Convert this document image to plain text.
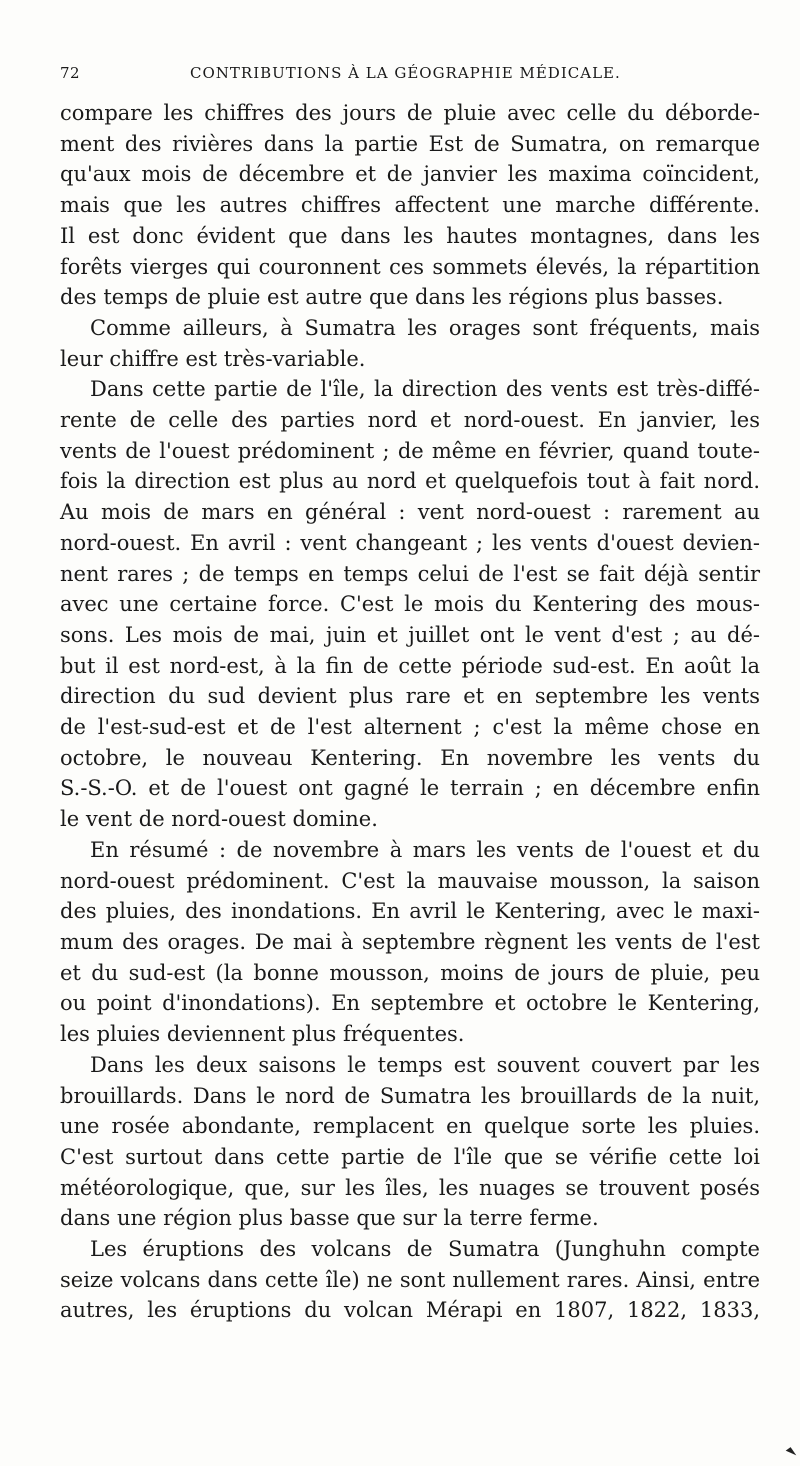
72	CONTRIBUTIONS À LA GÉOGRAPHIE MÉDICALE.
compare les chiffres des jours de pluie avec celle du déborde-
ment des rivières dans la partie Est de Sumatra, on remarque
qu'aux mois de décembre et de janvier les maxima coïncident,
mais que les autres chiffres affectent une marche différente.
Il est donc évident que dans les hautes montagnes, dans les
forêts vierges qui couronnent ces sommets élevés, la répartition
des temps de pluie est autre que dans les régions plus basses.
Comme ailleurs, à Sumatra les orages sont fréquents, mais
leur chiffre est très-variable.
Dans cette partie de l'île, la direction des vents est très-diffé-
rente de celle des parties nord et nord-ouest. En janvier, les
vents de l'ouest prédominent ; de même en février, quand toute-
fois la direction est plus au nord et quelquefois tout à fait nord.
Au mois de mars en général : vent nord-ouest : rarement au
nord-ouest. En avril : vent changeant ; les vents d'ouest devien-
nent rares ; de temps en temps celui de l'est se fait déjà sentir
avec une certaine force. C'est le mois du Kentering des mous-
sons. Les mois de mai, juin et juillet ont le vent d'est ; au dé-
but il est nord-est, à la fin de cette période sud-est. En août la
direction du sud devient plus rare et en septembre les vents
de l'est-sud-est et de l'est alternent ; c'est la même chose en
octobre, le nouveau Kentering. En novembre les vents du
S.-S.-O. et de l'ouest ont gagné le terrain ; en décembre enfin
le vent de nord-ouest domine.
En résumé : de novembre à mars les vents de l'ouest et du
nord-ouest prédominent. C'est la mauvaise mousson, la saison
des pluies, des inondations. En avril le Kentering, avec le maxi-
mum des orages. De mai à septembre règnent les vents de l'est
et du sud-est (la bonne mousson, moins de jours de pluie, peu
ou point d'inondations). En septembre et octobre le Kentering,
les pluies deviennent plus fréquentes.
Dans les deux saisons le temps est souvent couvert par les
brouillards. Dans le nord de Sumatra les brouillards de la nuit,
une rosée abondante, remplacent en quelque sorte les pluies.
C'est surtout dans cette partie de l'île que se vérifie cette loi
météorologique, que, sur les îles, les nuages se trouvent posés
dans une région plus basse que sur la terre ferme.
Les éruptions des volcans de Sumatra (Junghuhn compte
seize volcans dans cette île) ne sont nullement rares. Ainsi, entre
autres, les éruptions du volcan Mérapi en 1807, 1822, 1833,
